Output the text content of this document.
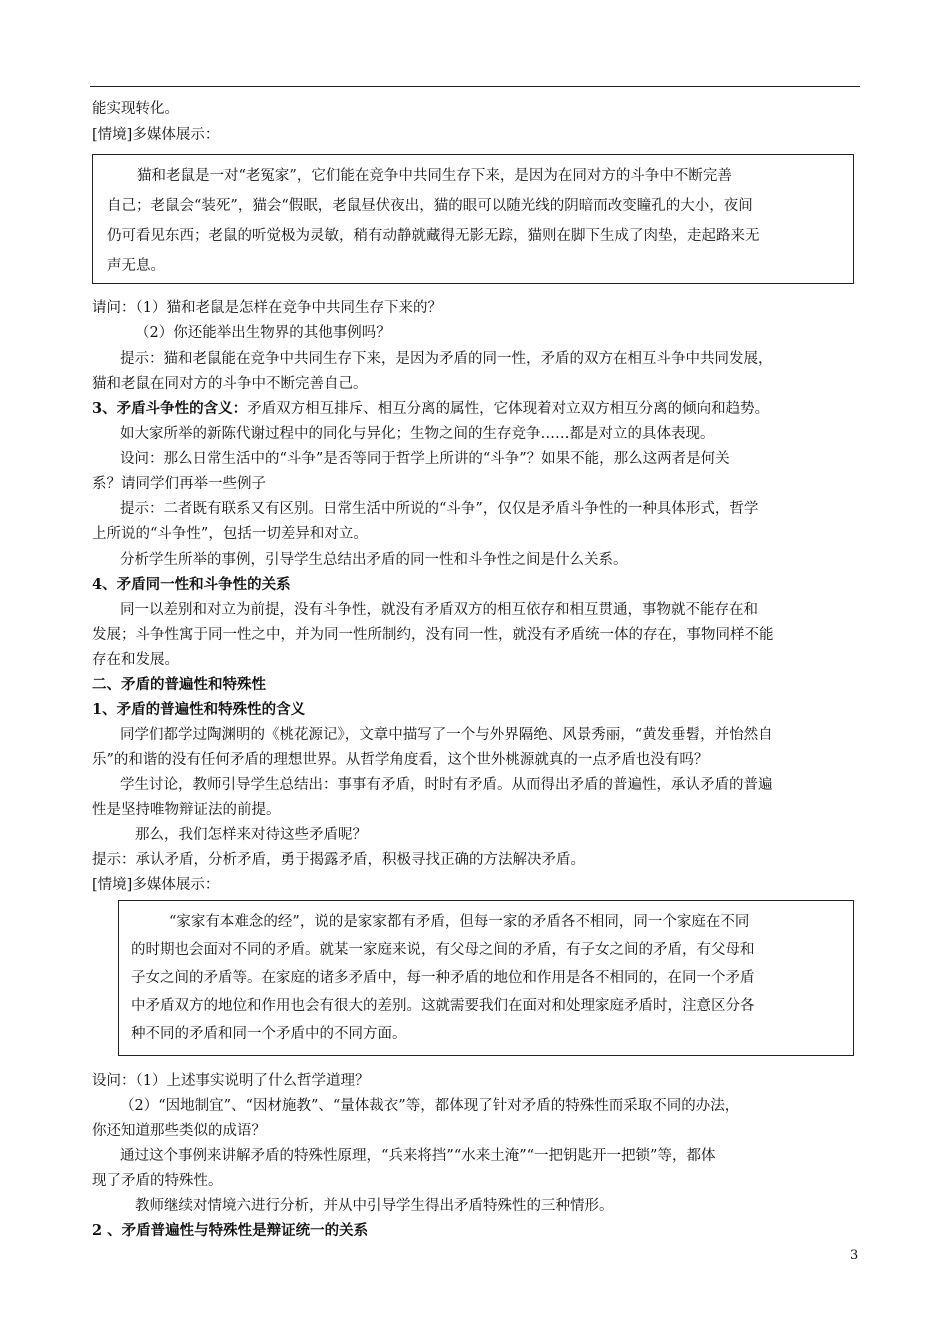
能实现转化。
[情境]多媒体展示：
猫和老鼠是一对“老冤家”，它们能在竞争中共同生存下来，是因为在同对方的斗争中不断完善
自己；老鼠会“装死”，猫会“假眠，老鼠昼伏夜出，猫的眼可以随光线的阴暗而改变瞳孔的大小，夜间
仍可看见东西；老鼠的听觉极为灵敏，稍有动静就藏得无影无踪，猫则在脚下生成了肉垫，走起路来无
声无息。
请问：（1）猫和老鼠是怎样在竞争中共同生存下来的？
（2）你还能举出生物界的其他事例吗？
提示：猫和老鼠能在竞争中共同生存下来，是因为矛盾的同一性，矛盾的双方在相互斗争中共同发展，
猫和老鼠在同对方的斗争中不断完善自己。
3、矛盾斗争性的含义：矛盾双方相互排斥、相互分离的属性，它体现着对立双方相互分离的倾向和趋势。
如大家所举的新陈代谢过程中的同化与异化；生物之间的生存竞争……都是对立的具体表现。
设问：那么日常生活中的“斗争”是否等同于哲学上所讲的“斗争”？如果不能，那么这两者是何关
系？请同学们再举一些例子
提示：二者既有联系又有区别。日常生活中所说的“斗争”，仅仅是矛盾斗争性的一种具体形式，哲学
上所说的“斗争性”，包括一切差异和对立。
分析学生所举的事例，引导学生总结出矛盾的同一性和斗争性之间是什么关系。
4、矛盾同一性和斗争性的关系
同一以差别和对立为前提，没有斗争性，就没有矛盾双方的相互依存和相互贯通，事物就不能存在和
发展；斗争性寓于同一性之中，并为同一性所制约，没有同一性，就没有矛盾统一体的存在，事物同样不能
存在和发展。
二、矛盾的普遍性和特殊性
1、矛盾的普遍性和特殊性的含义
同学们都学过陶渊明的《桃花源记》，文章中描写了一个与外界隔绝、风景秀丽，“黄发垂髫，并怡然自
乐”的和谐的没有任何矛盾的理想世界。从哲学角度看，这个世外桃源就真的一点矛盾也没有吗？
学生讨论，教师引导学生总结出：事事有矛盾，时时有矛盾。从而得出矛盾的普遍性，承认矛盾的普遍
性是坚持唯物辩证法的前提。
那么，我们怎样来对待这些矛盾呢？
提示：承认矛盾，分析矛盾，勇于揭露矛盾，积极寻找正确的方法解决矛盾。
[情境]多媒体展示：
“家家有本难念的经”，说的是家家都有矛盾，但每一家的矛盾各不相同，同一个家庭在不同
的时期也会面对不同的矛盾。就某一家庭来说，有父母之间的矛盾，有子女之间的矛盾，有父母和
子女之间的矛盾等。在家庭的诸多矛盾中，每一种矛盾的地位和作用是各不相同的，在同一个矛盾
中矛盾双方的地位和作用也会有很大的差别。这就需要我们在面对和处理家庭矛盾时，注意区分各
种不同的矛盾和同一个矛盾中的不同方面。
设问：（1）上述事实说明了什么哲学道理？
（2）“因地制宜”、“因材施教”、“量体裁衣”等，都体现了针对矛盾的特殊性而采取不同的办法，
你还知道那些类似的成语？
通过这个事例来讲解矛盾的特殊性原理，“兵来将挡”“水来土淹”“一把钥匙开一把锁”等，都体
现了矛盾的特殊性。
教师继续对情境六进行分析，并从中引导学生得出矛盾特殊性的三种情形。
2 、矛盾普遍性与特殊性是辩证统一的关系
3
